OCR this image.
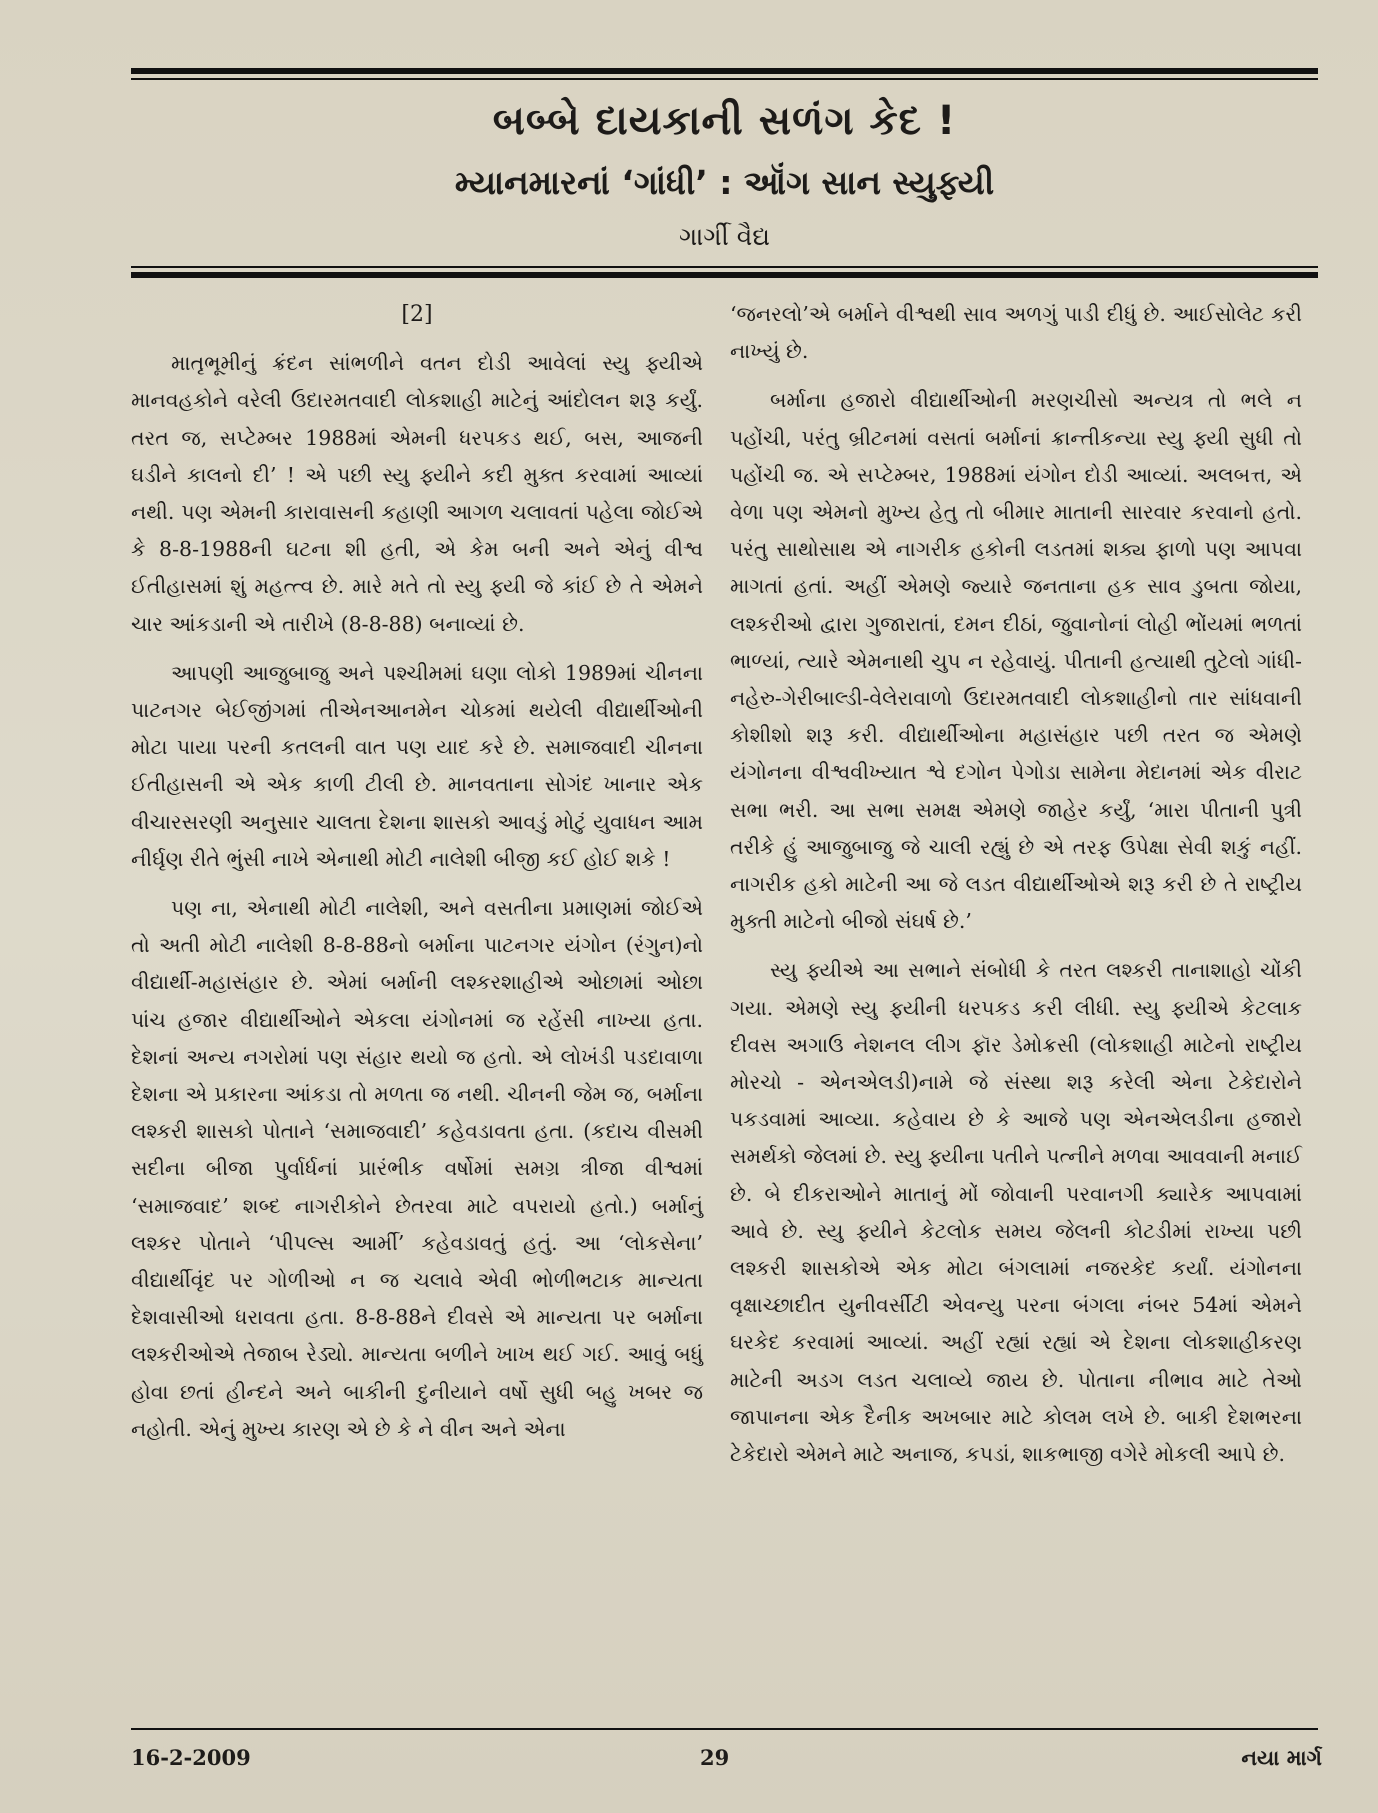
બબ્બે દાયકાની સળંગ કેદ !
મ્યાનમારનાં ‘ગાંધી’ : ઑંગ સાન સ્યુફ્યી
ગાર્ગી વૈદ્ય

[2]

માતૃભૂમીનું ક્રંદન સાંભળીને વતન દોડી આવેલાં સ્યુ ફ્યીએ માનવહકોને વરેલી ઉદારમતવાદી લોકશાહી માટેનું આંદોલન શરૂ કર્યું. તરત જ, સપ્ટેમ્બર 1988માં એમની ધરપકડ થઈ, બસ, આજની ઘડીને કાલનો દી’ ! એ પછી સ્યુ ફ્યીને કદી મુક્ત કરવામાં આવ્યાં નથી. પણ એમની કારાવાસની કહાણી આગળ ચલાવતાં પહેલા જોઈએ કે 8-8-1988ની ઘટના શી હતી, એ કેમ બની અને એનું વીશ્વ ઈતીહાસમાં શું મહત્ત્વ છે. મારે મતે તો સ્યુ ફ્યી જે કાંઈ છે તે એમને ચાર આંકડાની એ તારીખે (8-8-88) બનાવ્યાં છે.

આપણી આજુબાજુ અને પશ્ચીમમાં ઘણા લોકો 1989માં ચીનના પાટનગર બેઈજીંગમાં તીએનઆનમેન ચોકમાં થયેલી વીદ્યાર્થીઓની મોટા પાયા પરની કતલની વાત પણ યાદ કરે છે. સમાજવાદી ચીનના ઈતીહાસની એ એક કાળી ટીલી છે. માનવતાના સોગંદ ખાનાર એક વીચારસરણી અનુસાર ચાલતા દેશના શાસકો આવડું મોટું યુવાધન આમ નીર્ઘૃણ રીતે ભુંસી નાખે એનાથી મોટી નાલેશી બીજી કઈ હોઈ શકે !

પણ ના, એનાથી મોટી નાલેશી, અને વસતીના પ્રમાણમાં જોઈએ તો અતી મોટી નાલેશી 8-8-88નો બર્માના પાટનગર યંગોન (રંગુન)નો વીદ્યાર્થી-મહાસંહાર છે. એમાં બર્માની લશ્કરશાહીએ ઓછામાં ઓછા પાંચ હજાર વીદ્યાર્થીઓને એકલા યંગોનમાં જ રહેંસી નાખ્યા હતા. દેશનાં અન્ય નગરોમાં પણ સંહાર થયો જ હતો. એ લોખંડી પડદાવાળા દેશના એ પ્રકારના આંકડા તો મળતા જ નથી. ચીનની જેમ જ, બર્માના લશ્કરી શાસકો પોતાને ‘સમાજવાદી’ કહેવડાવતા હતા. (કદાચ વીસમી સદીના બીજા પુર્વાર્ધનાં પ્રારંભીક વર્ષોમાં સમગ્ર ત્રીજા વીશ્વમાં ‘સમાજવાદ’ શબ્દ નાગરીકોને છેતરવા માટે વપરાયો હતો.) બર્માનું લશ્કર પોતાને ‘પીપલ્સ આર્મી’ કહેવડાવતું હતું. આ ‘લોકસેના’ વીદ્યાર્થીવૃંદ પર ગોળીઓ ન જ ચલાવે એવી ભોળીભટાક માન્યતા દેશવાસીઓ ધરાવતા હતા. 8-8-88ને દીવસે એ માન્યતા પર બર્માના લશ્કરીઓએ તેજાબ રેડ્યો. માન્યતા બળીને ખાખ થઈ ગઈ. આવું બધું હોવા છતાં હીન્દને અને બાકીની દુનીયાને વર્ષો સુધી બહુ ખબર જ નહોતી. એનું મુખ્ય કારણ એ છે કે ને વીન અને એના

‘જનરલો’એ બર્માને વીશ્વથી સાવ અળગું પાડી દીધું છે. આઈસોલેટ કરી નાખ્યું છે.

બર્માના હજારો વીદ્યાર્થીઓની મરણચીસો અન્યત્ર તો ભલે ન પહોંચી, પરંતુ બ્રીટનમાં વસતાં બર્માનાં ક્રાન્તીકન્યા સ્યુ ફ્યી સુધી તો પહોંચી જ. એ સપ્ટેમ્બર, 1988માં યંગોન દોડી આવ્યાં. અલબત્ત, એ વેળા પણ એમનો મુખ્ય હેતુ તો બીમાર માતાની સારવાર કરવાનો હતો. પરંતુ સાથોસાથ એ નાગરીક હકોની લડતમાં શક્ય ફાળો પણ આપવા માગતાં હતાં. અહીં એમણે જ્યારે જનતાના હક સાવ ડુબતા જોયા, લશ્કરીઓ દ્વારા ગુજારાતાં, દમન દીઠાં, જુવાનોનાં લોહી ભોંયમાં ભળતાં ભાળ્યાં, ત્યારે એમનાથી ચુપ ન રહેવાયું. પીતાની હત્યાથી તુટેલો ગાંધી-નહેરુ-ગેરીબાલ્ડી-વેલેરાવાળો ઉદારમતવાદી લોકશાહીનો તાર સાંધવાની કોશીશો શરૂ કરી. વીદ્યાર્થીઓના મહાસંહાર પછી તરત જ એમણે યંગોનના વીશ્વવીખ્યાત શ્વે દગોન પેગોડા સામેના મેદાનમાં એક વીરાટ સભા ભરી. આ સભા સમક્ષ એમણે જાહેર કર્યું, ‘મારા પીતાની પુત્રી તરીકે હું આજુબાજુ જે ચાલી રહ્યું છે એ તરફ ઉપેક્ષા સેવી શકું નહીં. નાગરીક હકો માટેની આ જે લડત વીદ્યાર્થીઓએ શરૂ કરી છે તે રાષ્ટ્રીય મુક્તી માટેનો બીજો સંઘર્ષ છે.’

સ્યુ ફ્યીએ આ સભાને સંબોધી કે તરત લશ્કરી તાનાશાહો ચોંકી ગયા. એમણે સ્યુ ફ્યીની ધરપકડ કરી લીધી. સ્યુ ફ્યીએ કેટલાક દીવસ અગાઉ નેશનલ લીગ ફૉર ડેમોક્રસી (લોકશાહી માટેનો રાષ્ટ્રીય મોરચો - એનએલડી)નામે જે સંસ્થા શરૂ કરેલી એના ટેકેદારોને પકડવામાં આવ્યા. કહેવાય છે કે આજે પણ એનએલડીના હજારો સમર્થકો જેલમાં છે. સ્યુ ફ્યીના પતીને પત્નીને મળવા આવવાની મનાઈ છે. બે દીકરાઓને માતાનું મોં જોવાની પરવાનગી ક્યારેક આપવામાં આવે છે. સ્યુ ફ્યીને કેટલોક સમય જેલની કોટડીમાં રાખ્યા પછી લશ્કરી શાસકોએ એક મોટા બંગલામાં નજરકેદ કર્યાં. યંગોનના વૃક્ષાચ્છાદીત યુનીવર્સીટી એવન્યુ પરના બંગલા નંબર 54માં એમને ઘરકેદ કરવામાં આવ્યાં. અહીં રહ્યાં રહ્યાં એ દેશના લોકશાહીકરણ માટેની અડગ લડત ચલાવ્યે જાય છે. પોતાના નીભાવ માટે તેઓ જાપાનના એક દૈનીક અખબાર માટે કોલમ લખે છે. બાકી દેશભરના ટેકેદારો એમને માટે અનાજ, કપડાં, શાકભાજી વગેરે મોકલી આપે છે.

16-2-2009	29	નયા માર્ગ
